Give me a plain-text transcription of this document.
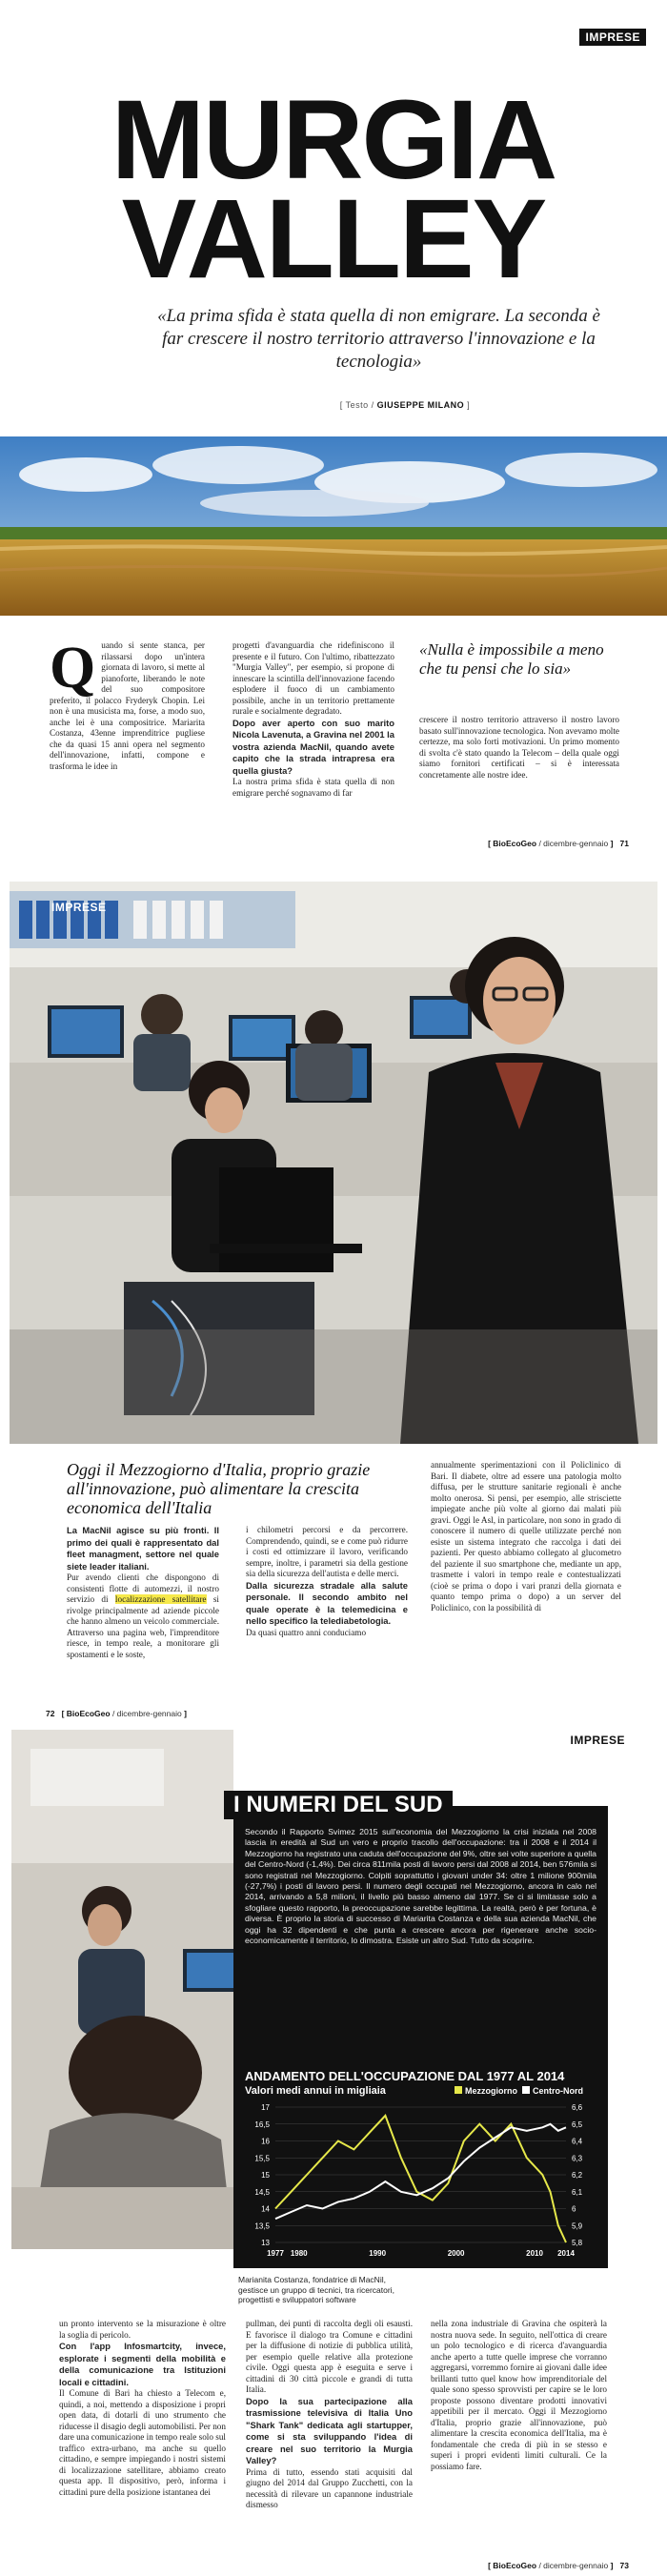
IMPRESE
MURGIA
VALLEY
«La prima sfida è stata quella di non emigrare. La seconda è far crescere il nostro territorio attraverso l'innovazione e la tecnologia»
[ Testo / GIUSEPPE MILANO ]
Quando si sente stanca, per rilassarsi dopo un'intera giornata di lavoro, si mette al pianoforte, liberando le note del suo compositore preferito, il polacco Fryderyk Chopin. Lei non è una musicista ma, forse, a modo suo, anche lei è una compositrice. Mariarita Costanza, 43enne imprenditrice pugliese che da quasi 15 anni opera nel segmento dell'innovazione, infatti, compone e trasforma le idee in
progetti d'avanguardia che ridefiniscono il presente e il futuro. Con l'ultimo, ribattezzato "Murgia Valley", per esempio, si propone di innescare la scintilla dell'innovazione facendo esplodere il fuoco di un cambiamento possibile, anche in un territorio prettamente rurale e socialmente degradato.
Dopo aver aperto con suo marito Nicola Lavenuta, a Gravina nel 2001 la vostra azienda MacNil, quando avete capito che la strada intrapresa era quella giusta?
La nostra prima sfida è stata quella di non emigrare perché sognavamo di far
«Nulla è impossibile a meno che tu pensi che lo sia»
crescere il nostro territorio attraverso il nostro lavoro basato sull'innovazione tecnologica. Non avevamo molte certezze, ma solo forti motivazioni. Un primo momento di svolta c'è stato quando la Telecom – della quale oggi siamo fornitori certificati – si è interessata concretamente alle nostre idee.
[ BioEcoGeo / dicembre-gennaio ] 71
IMPRESE
Oggi il Mezzogiorno d'Italia, proprio grazie all'innovazione, può alimentare la crescita economica dell'Italia
La MacNil agisce su più fronti. Il primo dei quali è rappresentato dal fleet managment, settore nel quale siete leader italiani.
Pur avendo clienti che dispongono di consistenti flotte di automezzi, il nostro servizio di localizzazione satellitare si rivolge principalmente ad aziende piccole che hanno almeno un veicolo commerciale. Attraverso una pagina web, l'imprenditore riesce, in tempo reale, a monitorare gli spostamenti e le soste,
i chilometri percorsi e da percorrere. Comprendendo, quindi, se e come può ridurre i costi ed ottimizzare il lavoro, verificando sempre, inoltre, i parametri sia della gestione sia della sicurezza dell'autista e delle merci.
Dalla sicurezza stradale alla salute personale. Il secondo ambito nel quale operate è la telemedicina e nello specifico la telediabetologia.
Da quasi quattro anni conduciamo
annualmente sperimentazioni con il Policlinico di Bari. Il diabete, oltre ad essere una patologia molto diffusa, per le strutture sanitarie regionali è anche molto onerosa. Si pensi, per esempio, alle strisciette impiegate anche più volte al giorno dai malati più gravi. Oggi le Asl, in particolare, non sono in grado di conoscere il numero di quelle utilizzate perché non esiste un sistema integrato che raccolga i dati dei pazienti. Per questo abbiamo collegato al glucometro del paziente il suo smartphone che, mediante un app, trasmette i valori in tempo reale e contestualizzati (cioè se prima o dopo i vari pranzi della giornata e quanto tempo prima o dopo) a un server del Policlinico, con la possibilità di
72 [ BioEcoGeo / dicembre-gennaio ]
IMPRESE
I NUMERI DEL SUD
Secondo il Rapporto Svimez 2015 sull'economia del Mezzogiorno la crisi iniziata nel 2008 lascia in eredità al Sud un vero e proprio tracollo dell'occupazione: tra il 2008 e il 2014 il Mezzogiorno ha registrato una caduta dell'occupazione del 9%, oltre sei volte superiore a quella del Centro-Nord (-1,4%). Dei circa 811mila posti di lavoro persi dal 2008 al 2014, ben 576mila si sono registrati nel Mezzogiorno. Colpiti soprattutto i giovani under 34: oltre 1 milione 900mila (-27,7%) i posti di lavoro persi. Il numero degli occupati nel Mezzogiorno, ancora in calo nel 2014, arrivando a 5,8 milioni, il livello più basso almeno dal 1977. Se ci si limitasse solo a sfogliare questo rapporto, la preoccupazione sarebbe legittima. La realtà, però è per fortuna, è diversa. È proprio la storia di successo di Mariarita Costanza e della sua azienda MacNil, che oggi ha 32 dipendenti e che punta a crescere ancora per rigenerare anche socio-economicamente il territorio, lo dimostra. Esiste un altro Sud. Tutto da scoprire.
ANDAMENTO DELL'OCCUPAZIONE DAL 1977 AL 2014
Valori medi annui in migliaia	Mezzogiorno Centro-Nord
13
13,5
14
14,5
15
15,5
16
16,5
17
5,8
5,9
6
6,1
6,2
6,3
6,4
6,5
6,6
1977 1980	1990	2000	2010 2014
Marianita Costanza, fondatrice di MacNil, gestisce un gruppo di tecnici, tra ricercatori, progettisti e sviluppatori software
un pronto intervento se la misurazione è oltre la soglia di pericolo.
Con l'app Infosmartcity, invece, esplorate i segmenti della mobilità e della comunicazione tra Istituzioni locali e cittadini.
Il Comune di Bari ha chiesto a Telecom e, quindi, a noi, mettendo a disposizione i propri open data, di dotarli di uno strumento che riducesse il disagio degli automobilisti. Per non dare una comunicazione in tempo reale solo sul traffico extra-urbano, ma anche su quello cittadino, e sempre impiegando i nostri sistemi di localizzazione satellitare, abbiamo creato questa app. Il dispositivo, però, informa i cittadini pure della posizione istantanea dei
pullman, dei punti di raccolta degli oli esausti. E favorisce il dialogo tra Comune e cittadini per la diffusione di notizie di pubblica utilità, per esempio quelle relative alla protezione civile. Oggi questa app è eseguita e serve i cittadini di 30 città piccole e grandi di tutta Italia.
Dopo la sua partecipazione alla trasmissione televisiva di Italia Uno "Shark Tank" dedicata agli startupper, come si sta sviluppando l'idea di creare nel suo territorio la Murgia Valley?
Prima di tutto, essendo stati acquisiti dal giugno del 2014 dal Gruppo Zucchetti, con la necessità di rilevare un capannone industriale dismesso
nella zona industriale di Gravina che ospiterà la nostra nuova sede. In seguito, nell'ottica di creare un polo tecnologico e di ricerca d'avanguardia anche aperto a tutte quelle imprese che vorranno aggregarsi, vorremmo fornire ai giovani dalle idee brillanti tutto quel know how imprenditoriale del quale sono spesso sprovvisti per capire se le loro proposte possono diventare prodotti innovativi appetibili per il mercato. Oggi il Mezzogiorno d'Italia, proprio grazie all'innovazione, può alimentare la crescita economica dell'Italia, ma è fondamentale che creda di più in se stesso e superi i propri evidenti limiti culturali. Ce la possiamo fare.
[ BioEcoGeo / dicembre-gennaio ] 73
